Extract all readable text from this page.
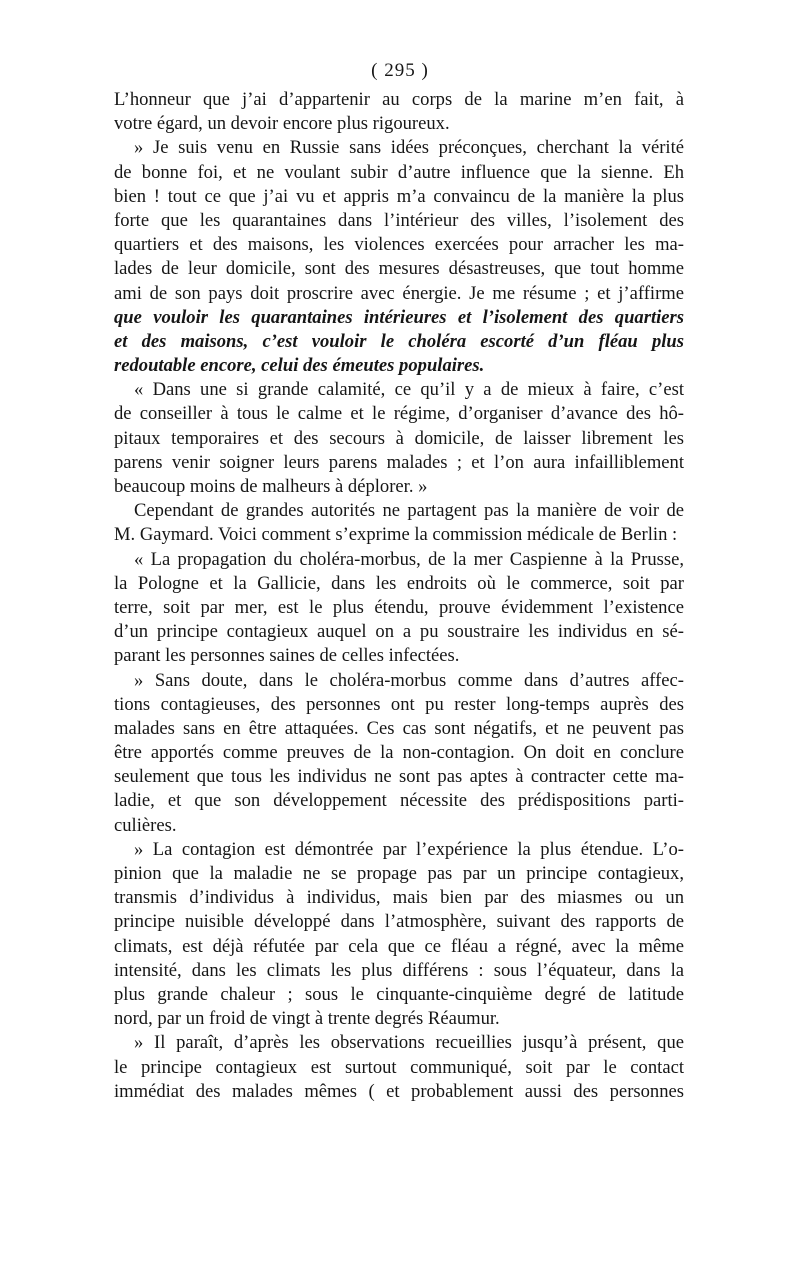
( 295 )
L’honneur que j’ai d’appartenir au corps de la marine m’en fait, à
votre égard, un devoir encore plus rigoureux.
» Je suis venu en Russie sans idées préconçues, cherchant la vérité
de bonne foi, et ne voulant subir d’autre influence que la sienne. Eh
bien ! tout ce que j’ai vu et appris m’a convaincu de la manière la plus
forte que les quarantaines dans l’intérieur des villes, l’isolement des
quartiers et des maisons, les violences exercées pour arracher les ma-
lades de leur domicile, sont des mesures désastreuses, que tout homme
ami de son pays doit proscrire avec énergie. Je me résume ; et j’affirme
que vouloir les quarantaines intérieures et l’isolement des quartiers
et des maisons, c’est vouloir le choléra escorté d’un fléau plus
redoutable encore, celui des émeutes populaires.
« Dans une si grande calamité, ce qu’il y a de mieux à faire, c’est
de conseiller à tous le calme et le régime, d’organiser d’avance des hô-
pitaux temporaires et des secours à domicile, de laisser librement les
parens venir soigner leurs parens malades ; et l’on aura infailliblement
beaucoup moins de malheurs à déplorer. »
Cependant de grandes autorités ne partagent pas la manière de voir de
M. Gaymard. Voici comment s’exprime la commission médicale de Berlin :
« La propagation du choléra-morbus, de la mer Caspienne à la Prusse,
la Pologne et la Gallicie, dans les endroits où le commerce, soit par
terre, soit par mer, est le plus étendu, prouve évidemment l’existence
d’un principe contagieux auquel on a pu soustraire les individus en sé-
parant les personnes saines de celles infectées.
» Sans doute, dans le choléra-morbus comme dans d’autres affec-
tions contagieuses, des personnes ont pu rester long-temps auprès des
malades sans en être attaquées. Ces cas sont négatifs, et ne peuvent pas
être apportés comme preuves de la non-contagion. On doit en conclure
seulement que tous les individus ne sont pas aptes à contracter cette ma-
ladie, et que son développement nécessite des prédispositions parti-
culières.
» La contagion est démontrée par l’expérience la plus étendue. L’o-
pinion que la maladie ne se propage pas par un principe contagieux,
transmis d’individus à individus, mais bien par des miasmes ou un
principe nuisible développé dans l’atmosphère, suivant des rapports de
climats, est déjà réfutée par cela que ce fléau a régné, avec la même
intensité, dans les climats les plus différens : sous l’équateur, dans la
plus grande chaleur ; sous le cinquante-cinquième degré de latitude
nord, par un froid de vingt à trente degrés Réaumur.
» Il paraît, d’après les observations recueillies jusqu’à présent, que
le principe contagieux est surtout communiqué, soit par le contact
immédiat des malades mêmes ( et probablement aussi des personnes
